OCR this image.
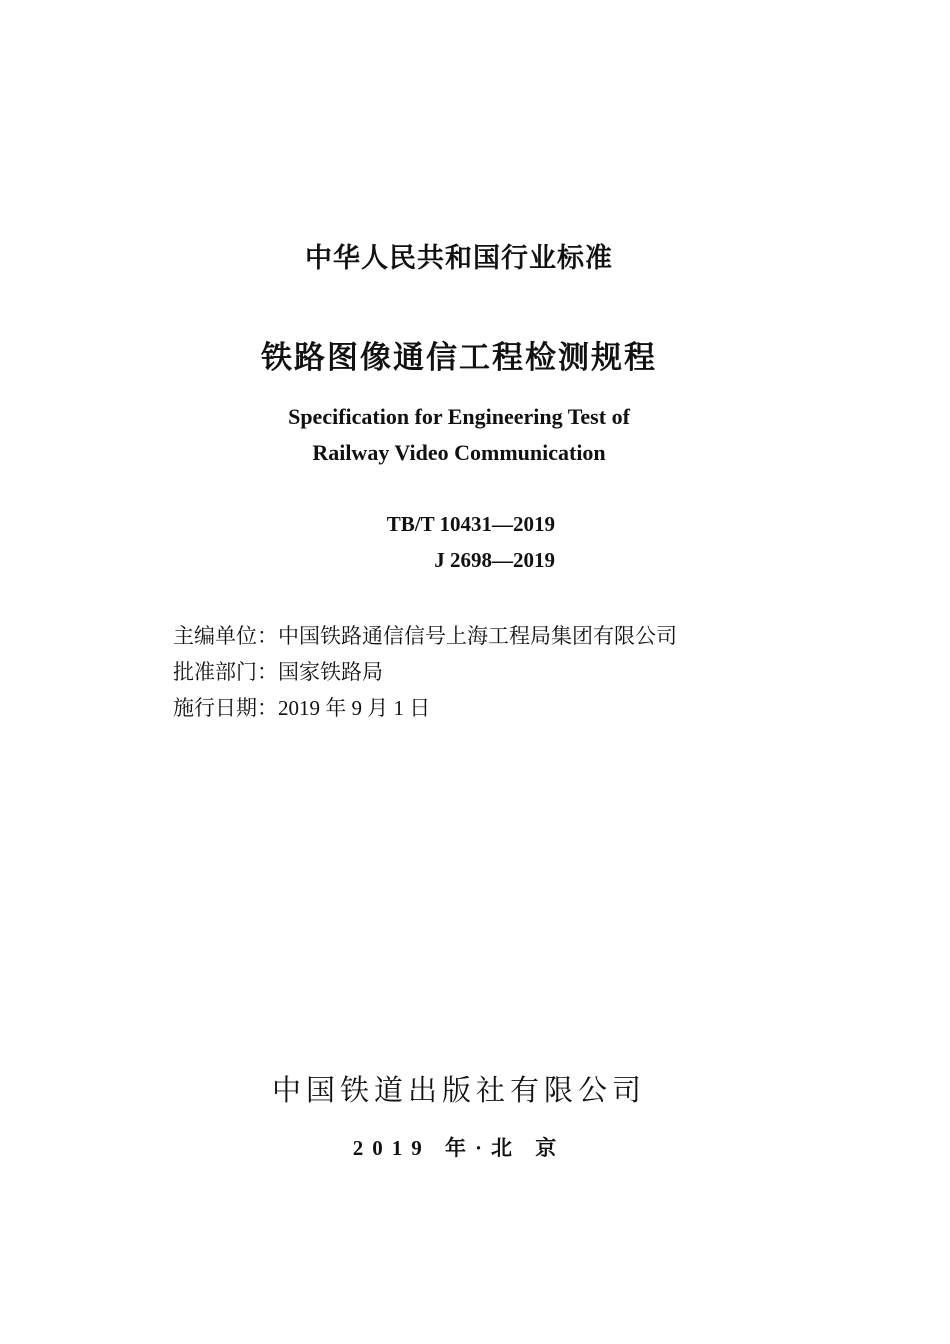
中华人民共和国行业标准
铁路图像通信工程检测规程
Specification for Engineering Test of
Railway Video Communication
TB/T 10431—2019
J 2698—2019
主编单位：中国铁路通信信号上海工程局集团有限公司
批准部门：国家铁路局
施行日期：2019 年 9 月 1 日
中国铁道出版社有限公司
2019 年·北 京
